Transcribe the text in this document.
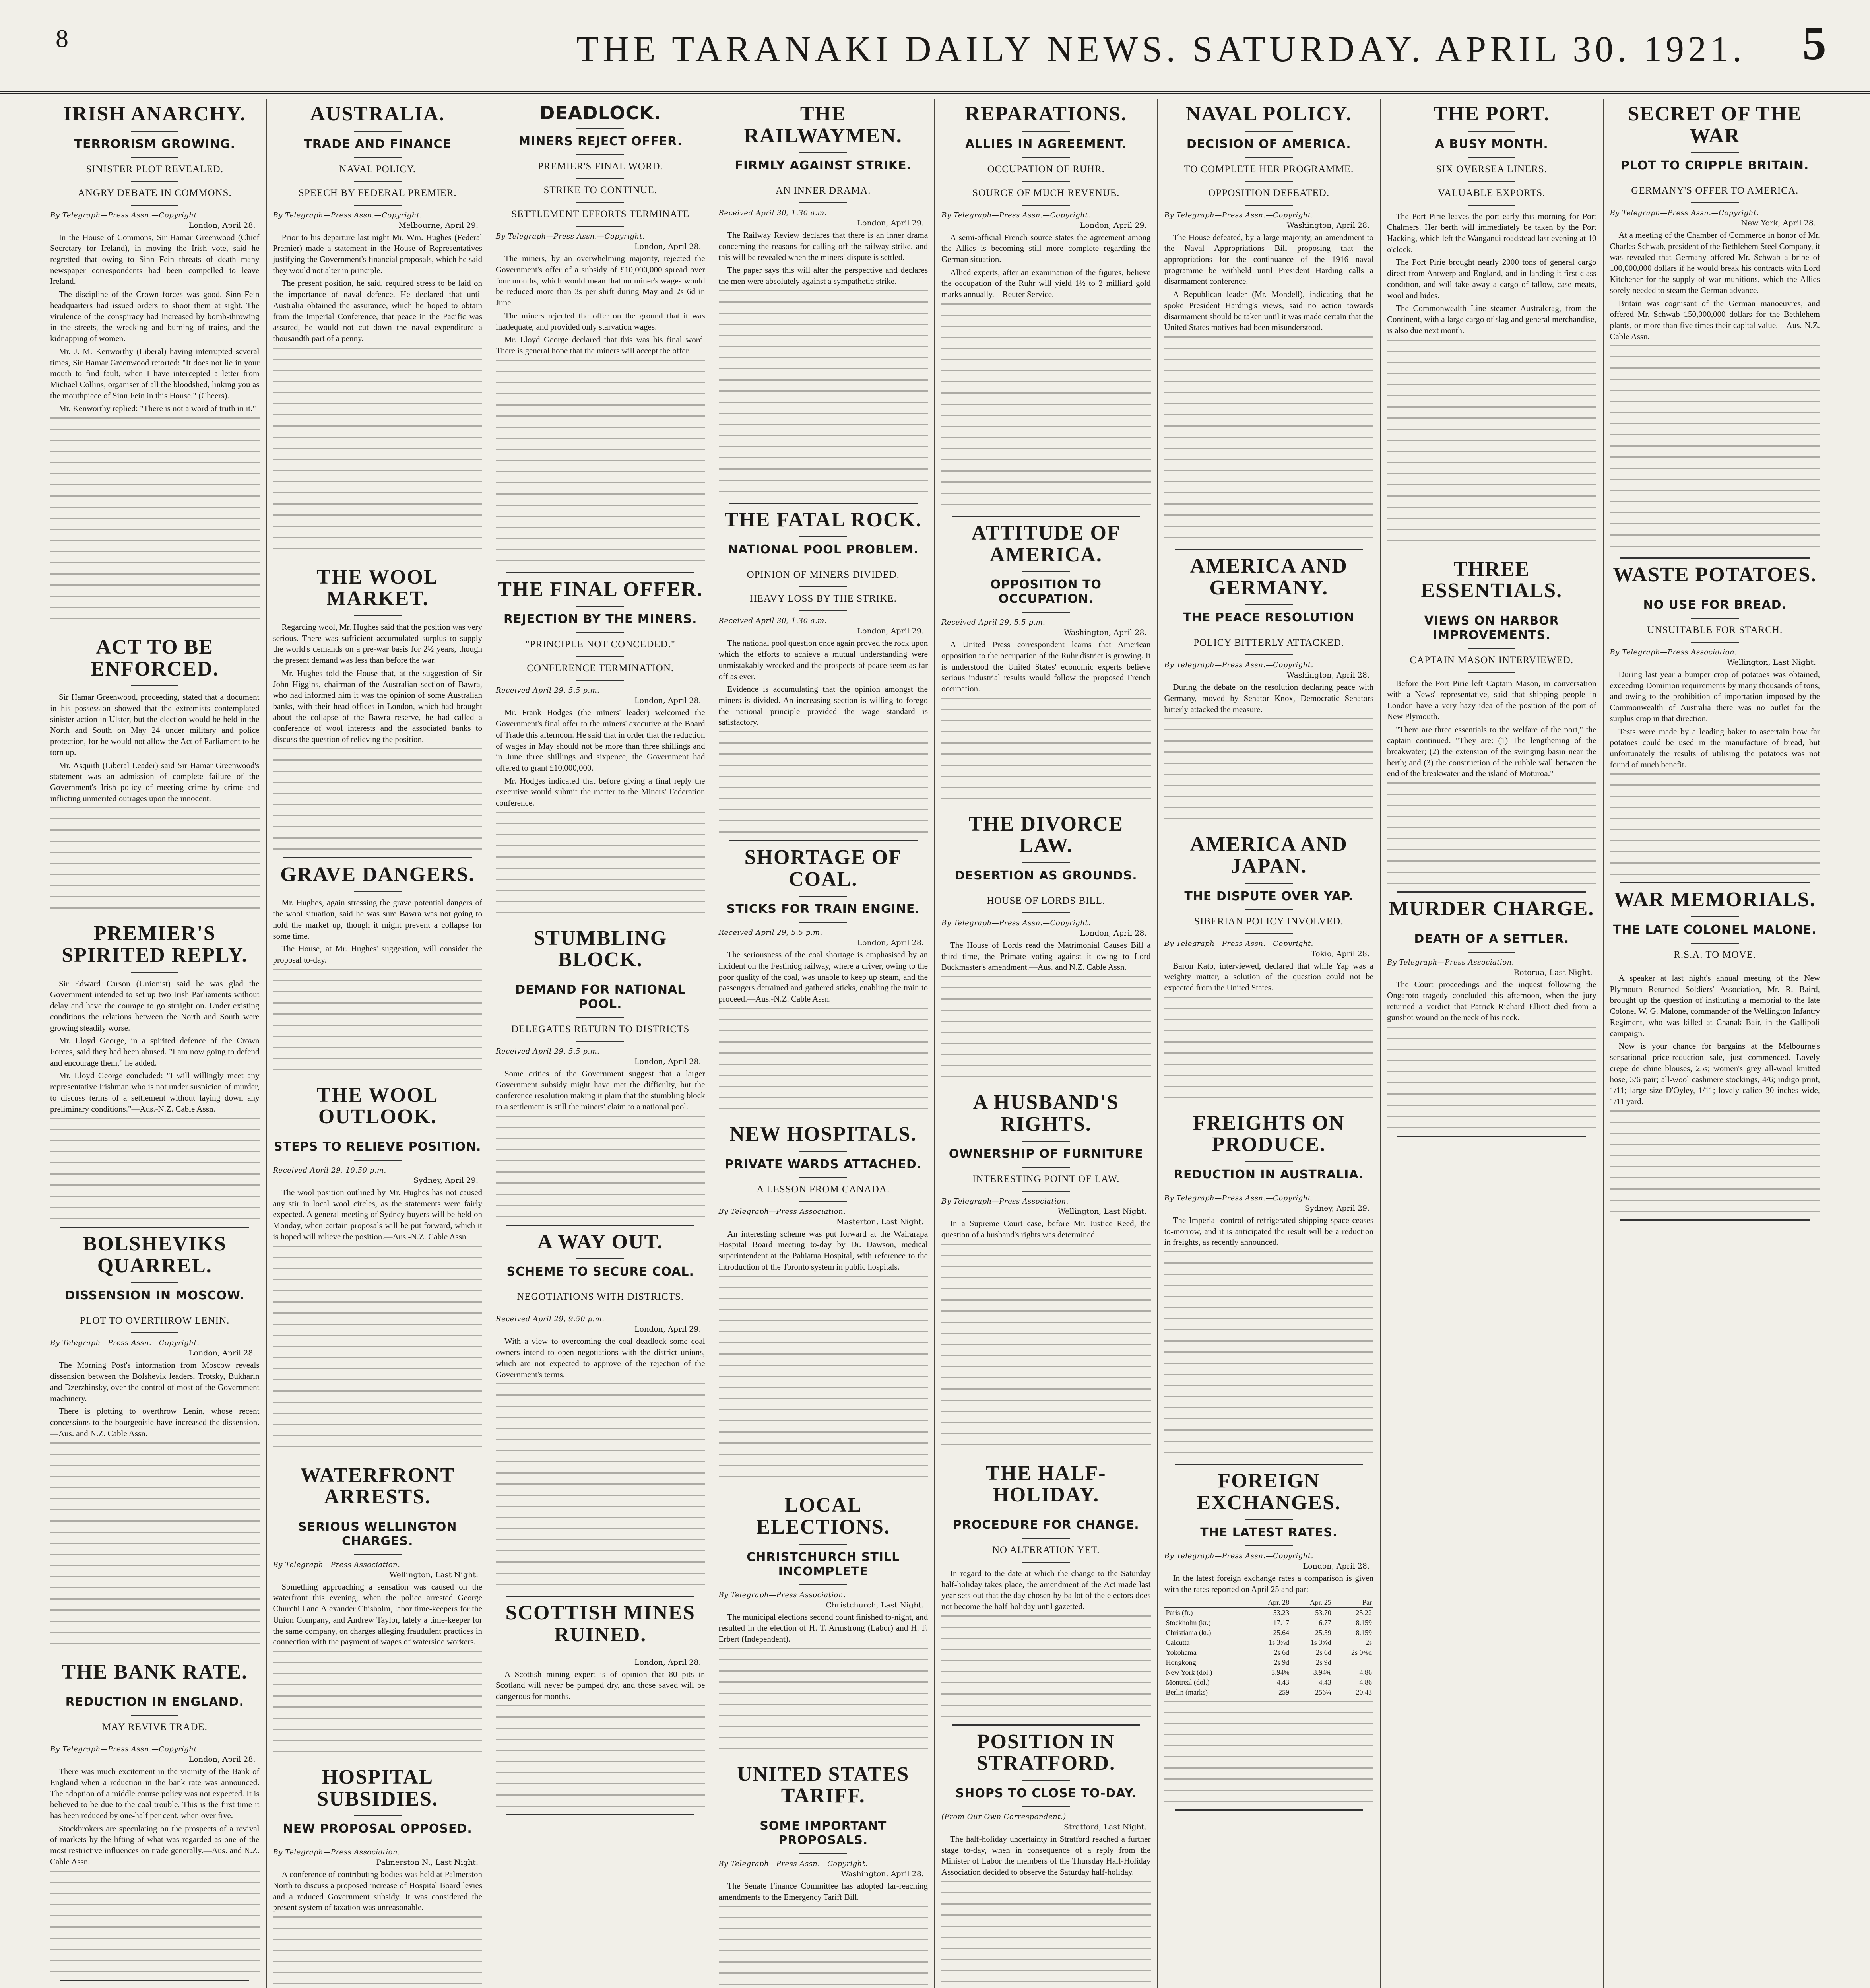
8	THE TARANAKI DAILY NEWS. SATURDAY. APRIL 30. 1921. 5
IRISH ANARCHY.
TERRORISM GROWING.
SINISTER PLOT REVEALED.
ANGRY DEBATE IN COMMONS.
By Telegraph—Press Assn.—Copyright.
London, April 28.

In the House of Commons, Sir Hamar Greenwood (Chief Secretary for Ireland), in moving the Irish vote, said he regretted that owing to Sinn Fein threats of death many newspaper correspondents had been compelled to leave Ireland.

The discipline of the Crown forces was good. Sinn Fein headquarters had issued orders to shoot them at sight. The virulence of the conspiracy had increased by bomb-throwing in the streets, the wrecking and burning of trains, and the kidnapping of women.

Mr. J. M. Kenworthy (Liberal) having interrupted several times, Sir Hamar Greenwood retorted: "It does not lie in your mouth to find fault, when I have intercepted a letter from Michael Collins, organiser of all the bloodshed, linking you as the mouthpiece of Sinn Fein in this House." (Cheers).

Mr. Kenworthy replied: "There is not a word of truth in it."

ACT TO BE ENFORCED.

Sir Hamar Greenwood, proceeding, stated that a document in his possession showed that the extremists contemplated sinister action in Ulster, but the election would be held in the North and South on May 24 under military and police protection, for he would not allow the Act of Parliament to be torn up.

Mr. Asquith (Liberal Leader) said Sir Hamar Greenwood's statement was an admission of complete failure of the Government's Irish policy of meeting crime by crime and inflicting unmerited outrages upon the innocent.

PREMIER'S SPIRITED REPLY.

Sir Edward Carson (Unionist) said he was glad the Government intended to set up two Irish Parliaments without delay and have the courage to go straight on. Under existing conditions the relations between the North and South were growing steadily worse.

Mr. Lloyd George, in a spirited defence of the Crown Forces, said they had been abused. "I am now going to defend and encourage them," he added.

Mr. Lloyd George concluded: "I will willingly meet any representative Irishman who is not under suspicion of murder, to discuss terms of a settlement without laying down any preliminary conditions."—Aus.-N.Z. Cable Assn.

BOLSHEVIKS QUARREL.
DISSENSION IN MOSCOW.
PLOT TO OVERTHROW LENIN.
By Telegraph—Press Assn.—Copyright.
London, April 28.

The Morning Post's information from Moscow reveals dissension between the Bolshevik leaders, Trotsky, Bukharin and Dzerzhinsky, over the control of most of the Government machinery.

There is plotting to overthrow Lenin, whose recent concessions to the bourgeoisie have increased the dissension.—Aus. and N.Z. Cable Assn.

THE BANK RATE.
REDUCTION IN ENGLAND.
MAY REVIVE TRADE.
By Telegraph—Press Assn.—Copyright.
London, April 28.

There was much excitement in the vicinity of the Bank of England when a reduction in the bank rate was announced. The adoption of a middle course policy was not expected. It is believed to be due to the coal trouble. This is the first time it has been reduced by one-half per cent. when over five.

Stockbrokers are speculating on the prospects of a revival of markets by the lifting of what was regarded as one of the most restrictive influences on trade generally.—Aus. and N.Z. Cable Assn.

AUSTRALIA.
TRADE AND FINANCE
NAVAL POLICY.
SPEECH BY FEDERAL PREMIER.
By Telegraph—Press Assn.—Copyright.
Melbourne, April 29.

Prior to his departure last night Mr. Wm. Hughes (Federal Premier) made a statement in the House of Representatives justifying the Government's financial proposals, which he said they would not alter in principle.

The present position, he said, required stress to be laid on the importance of naval defence. He declared that until Australia obtained the assurance, which he hoped to obtain from the Imperial Conference, that peace in the Pacific was assured, he would not cut down the naval expenditure a thousandth part of a penny.

THE WOOL MARKET.

Regarding wool, Mr. Hughes said that the position was very serious. There was sufficient accumulated surplus to supply the world's demands on a pre-war basis for 2½ years, though the present demand was less than before the war.

Mr. Hughes told the House that, at the suggestion of Sir John Higgins, chairman of the Australian section of Bawra, who had informed him it was the opinion of some Australian banks, with their head offices in London, which had brought about the collapse of the Bawra reserve, he had called a conference of wool interests and the associated banks to discuss the question of relieving the position.

GRAVE DANGERS.

Mr. Hughes, again stressing the grave potential dangers of the wool situation, said he was sure Bawra was not going to hold the market up, though it might prevent a collapse for some time.

The House, at Mr. Hughes' suggestion, will consider the proposal to-day.

THE WOOL OUTLOOK.
STEPS TO RELIEVE POSITION.
Received April 29, 10.50 p.m.
Sydney, April 29.

The wool position outlined by Mr. Hughes has not caused any stir in local wool circles, as the statements were fairly expected. A general meeting of Sydney buyers will be held on Monday, when certain proposals will be put forward, which it is hoped will relieve the position.—Aus.-N.Z. Cable Assn.

WATERFRONT ARRESTS.
SERIOUS WELLINGTON CHARGES.
By Telegraph—Press Association.
Wellington, Last Night.

Something approaching a sensation was caused on the waterfront this evening, when the police arrested George Churchill and Alexander Chisholm, labor time-keepers for the Union Company, and Andrew Taylor, lately a time-keeper for the same company, on charges alleging fraudulent practices in connection with the payment of wages of waterside workers.

HOSPITAL SUBSIDIES.
NEW PROPOSAL OPPOSED.
By Telegraph—Press Association.
Palmerston N., Last Night.

A conference of contributing bodies was held at Palmerston North to discuss a proposed increase of Hospital Board levies and a reduced Government subsidy. It was considered the present system of taxation was unreasonable.

DEADLOCK.
MINERS REJECT OFFER.
PREMIER'S FINAL WORD.
STRIKE TO CONTINUE.
SETTLEMENT EFFORTS TERMINATE
By Telegraph—Press Assn.—Copyright.
London, April 28.

The miners, by an overwhelming majority, rejected the Government's offer of a subsidy of £10,000,000 spread over four months, which would mean that no miner's wages would be reduced more than 3s per shift during May and 2s 6d in June.

The miners rejected the offer on the ground that it was inadequate, and provided only starvation wages.

Mr. Lloyd George declared that this was his final word. There is general hope that the miners will accept the offer.

THE FINAL OFFER.
REJECTION BY THE MINERS.
"PRINCIPLE NOT CONCEDED."
CONFERENCE TERMINATION.
Received April 29, 5.5 p.m.
London, April 28.

Mr. Frank Hodges (the miners' leader) welcomed the Government's final offer to the miners' executive at the Board of Trade this afternoon. He said that in order that the reduction of wages in May should not be more than three shillings and in June three shillings and sixpence, the Government had offered to grant £10,000,000.

Mr. Hodges indicated that before giving a final reply the executive would submit the matter to the Miners' Federation conference.

STUMBLING BLOCK.
DEMAND FOR NATIONAL POOL.
DELEGATES RETURN TO DISTRICTS
Received April 29, 5.5 p.m.
London, April 28.

Some critics of the Government suggest that a larger Government subsidy might have met the difficulty, but the conference resolution making it plain that the stumbling block to a settlement is still the miners' claim to a national pool.

A WAY OUT.
SCHEME TO SECURE COAL.
NEGOTIATIONS WITH DISTRICTS.
Received April 29, 9.50 p.m.
London, April 29.

With a view to overcoming the coal deadlock some coal owners intend to open negotiations with the district unions, which are not expected to approve of the rejection of the Government's terms.

SCOTTISH MINES RUINED.
London, April 28.

A Scottish mining expert is of opinion that 80 pits in Scotland will never be pumped dry, and those saved will be dangerous for months.

THE RAILWAYMEN.
FIRMLY AGAINST STRIKE.
AN INNER DRAMA.
Received April 30, 1.30 a.m.
London, April 29.

The Railway Review declares that there is an inner drama concerning the reasons for calling off the railway strike, and this will be revealed when the miners' dispute is settled.

The paper says this will alter the perspective and declares the men were absolutely against a sympathetic strike.

THE FATAL ROCK.
NATIONAL POOL PROBLEM.
OPINION OF MINERS DIVIDED.
HEAVY LOSS BY THE STRIKE.
Received April 30, 1.30 a.m.
London, April 29.

The national pool question once again proved the rock upon which the efforts to achieve a mutual understanding were unmistakably wrecked and the prospects of peace seem as far off as ever.

Evidence is accumulating that the opinion amongst the miners is divided. An increasing section is willing to forego the national principle provided the wage standard is satisfactory.

SHORTAGE OF COAL.
STICKS FOR TRAIN ENGINE.
Received April 29, 5.5 p.m.
London, April 28.

The seriousness of the coal shortage is emphasised by an incident on the Festiniog railway, where a driver, owing to the poor quality of the coal, was unable to keep up steam, and the passengers detrained and gathered sticks, enabling the train to proceed.—Aus.-N.Z. Cable Assn.

NEW HOSPITALS.
PRIVATE WARDS ATTACHED.
A LESSON FROM CANADA.
By Telegraph—Press Association.
Masterton, Last Night.

An interesting scheme was put forward at the Wairarapa Hospital Board meeting to-day by Dr. Dawson, medical superintendent at the Pahiatua Hospital, with reference to the introduction of the Toronto system in public hospitals.

LOCAL ELECTIONS.
CHRISTCHURCH STILL INCOMPLETE
By Telegraph—Press Association.
Christchurch, Last Night.

The municipal elections second count finished to-night, and resulted in the election of H. T. Armstrong (Labor) and H. F. Erbert (Independent).

UNITED STATES TARIFF.
SOME IMPORTANT PROPOSALS.
By Telegraph—Press Assn.—Copyright.
Washington, April 28.

The Senate Finance Committee has adopted far-reaching amendments to the Emergency Tariff Bill.

REPARATIONS.
ALLIES IN AGREEMENT.
OCCUPATION OF RUHR.
SOURCE OF MUCH REVENUE.
By Telegraph—Press Assn.—Copyright.
London, April 29.

A semi-official French source states the agreement among the Allies is becoming still more complete regarding the German situation.

Allied experts, after an examination of the figures, believe the occupation of the Ruhr will yield 1½ to 2 milliard gold marks annually.—Reuter Service.

ATTITUDE OF AMERICA.
OPPOSITION TO OCCUPATION.
Received April 29, 5.5 p.m.
Washington, April 28.

A United Press correspondent learns that American opposition to the occupation of the Ruhr district is growing. It is understood the United States' economic experts believe serious industrial results would follow the proposed French occupation.

THE DIVORCE LAW.
DESERTION AS GROUNDS.
HOUSE OF LORDS BILL.
By Telegraph—Press Assn.—Copyright.
London, April 28.

The House of Lords read the Matrimonial Causes Bill a third time, the Primate voting against it owing to Lord Buckmaster's amendment.—Aus. and N.Z. Cable Assn.

A HUSBAND'S RIGHTS.
OWNERSHIP OF FURNITURE
INTERESTING POINT OF LAW.
By Telegraph—Press Association.
Wellington, Last Night.

In a Supreme Court case, before Mr. Justice Reed, the question of a husband's rights was determined.

THE HALF-HOLIDAY.
PROCEDURE FOR CHANGE.
NO ALTERATION YET.

In regard to the date at which the change to the Saturday half-holiday takes place, the amendment of the Act made last year sets out that the day chosen by ballot of the electors does not become the half-holiday until gazetted.

POSITION IN STRATFORD.
SHOPS TO CLOSE TO-DAY.
(From Our Own Correspondent.)
Stratford, Last Night.

The half-holiday uncertainty in Stratford reached a further stage to-day, when in consequence of a reply from the Minister of Labor the members of the Thursday Half-Holiday Association decided to observe the Saturday half-holiday.

NAVAL POLICY.
DECISION OF AMERICA.
TO COMPLETE HER PROGRAMME.
OPPOSITION DEFEATED.
By Telegraph—Press Assn.—Copyright.
Washington, April 28.

The House defeated, by a large majority, an amendment to the Naval Appropriations Bill proposing that the appropriations for the continuance of the 1916 naval programme be withheld until President Harding calls a disarmament conference.

A Republican leader (Mr. Mondell), indicating that he spoke President Harding's views, said no action towards disarmament should be taken until it was made certain that the United States motives had been misunderstood.

AMERICA AND GERMANY.
THE PEACE RESOLUTION
POLICY BITTERLY ATTACKED.
By Telegraph—Press Assn.—Copyright.
Washington, April 28.

During the debate on the resolution declaring peace with Germany, moved by Senator Knox, Democratic Senators bitterly attacked the measure.

AMERICA AND JAPAN.
THE DISPUTE OVER YAP.
SIBERIAN POLICY INVOLVED.
By Telegraph—Press Assn.—Copyright.
Tokio, April 28.

Baron Kato, interviewed, declared that while Yap was a weighty matter, a solution of the question could not be expected from the United States.

FREIGHTS ON PRODUCE.
REDUCTION IN AUSTRALIA.
By Telegraph—Press Assn.—Copyright.
Sydney, April 29.

The Imperial control of refrigerated shipping space ceases to-morrow, and it is anticipated the result will be a reduction in freights, as recently announced.

FOREIGN EXCHANGES.
THE LATEST RATES.
By Telegraph—Press Assn.—Copyright.
London, April 28.

In the latest foreign exchange rates a comparison is given with the rates reported on April 25 and par:—

	Apr. 28	Apr. 25	Par
Paris (fr.)	53.23	53.70	25.22
Stockholm (kr.)	17.17	16.77	18.159
Christiania (kr.)	25.64	25.59	18.159
Calcutta	1s 3⅝d	1s 3⅝d	2s
Yokohama	2s 6d	2s 6d	2s 0⅝d
Hongkong	2s 9d	2s 9d	—
New York (dol.)	3.94⅝	3.94⅝	4.86
Montreal (dol.)	4.43	4.43	4.86
Berlin (marks)	259	256¼	20.43
THE PORT.
A BUSY MONTH.
SIX OVERSEA LINERS.
VALUABLE EXPORTS.

The Port Pirie leaves the port early this morning for Port Chalmers. Her berth will immediately be taken by the Port Hacking, which left the Wanganui roadstead last evening at 10 o'clock.

The Port Pirie brought nearly 2000 tons of general cargo direct from Antwerp and England, and in landing it first-class condition, and will take away a cargo of tallow, case meats, wool and hides.

The Commonwealth Line steamer Australcrag, from the Continent, with a large cargo of slag and general merchandise, is also due next month.

THREE ESSENTIALS.
VIEWS ON HARBOR IMPROVEMENTS.
CAPTAIN MASON INTERVIEWED.

Before the Port Pirie left Captain Mason, in conversation with a News' representative, said that shipping people in London have a very hazy idea of the position of the port of New Plymouth.

"There are three essentials to the welfare of the port," the captain continued. "They are: (1) The lengthening of the breakwater; (2) the extension of the swinging basin near the berth; and (3) the construction of the rubble wall between the end of the breakwater and the island of Moturoa."

MURDER CHARGE.
DEATH OF A SETTLER.
By Telegraph—Press Association.
Rotorua, Last Night.

The Court proceedings and the inquest following the Ongaroto tragedy concluded this afternoon, when the jury returned a verdict that Patrick Richard Elliott died from a gunshot wound on the neck of his neck.

SECRET OF THE WAR
PLOT TO CRIPPLE BRITAIN.
GERMANY'S OFFER TO AMERICA.
By Telegraph—Press Assn.—Copyright.
New York, April 28.

At a meeting of the Chamber of Commerce in honor of Mr. Charles Schwab, president of the Bethlehem Steel Company, it was revealed that Germany offered Mr. Schwab a bribe of 100,000,000 dollars if he would break his contracts with Lord Kitchener for the supply of war munitions, which the Allies sorely needed to steam the German advance.

Britain was cognisant of the German manoeuvres, and offered Mr. Schwab 150,000,000 dollars for the Bethlehem plants, or more than five times their capital value.—Aus.-N.Z. Cable Assn.

WASTE POTATOES.
NO USE FOR BREAD.
UNSUITABLE FOR STARCH.
By Telegraph—Press Association.
Wellington, Last Night.

During last year a bumper crop of potatoes was obtained, exceeding Dominion requirements by many thousands of tons, and owing to the prohibition of importation imposed by the Commonwealth of Australia there was no outlet for the surplus crop in that direction.

Tests were made by a leading baker to ascertain how far potatoes could be used in the manufacture of bread, but unfortunately the results of utilising the potatoes was not found of much benefit.

WAR MEMORIALS.
THE LATE COLONEL MALONE.
R.S.A. TO MOVE.

A speaker at last night's annual meeting of the New Plymouth Returned Soldiers' Association, Mr. R. Baird, brought up the question of instituting a memorial to the late Colonel W. G. Malone, commander of the Wellington Infantry Regiment, who was killed at Chanak Bair, in the Gallipoli campaign.

Now is your chance for bargains at the Melbourne's sensational price-reduction sale, just commenced. Lovely crepe de chine blouses, 25s; women's grey all-wool knitted hose, 3/6 pair; all-wool cashmere stockings, 4/6; indigo print, 1/11; large size D'Oyley, 1/11; lovely calico 30 inches wide, 1/11 yard.
